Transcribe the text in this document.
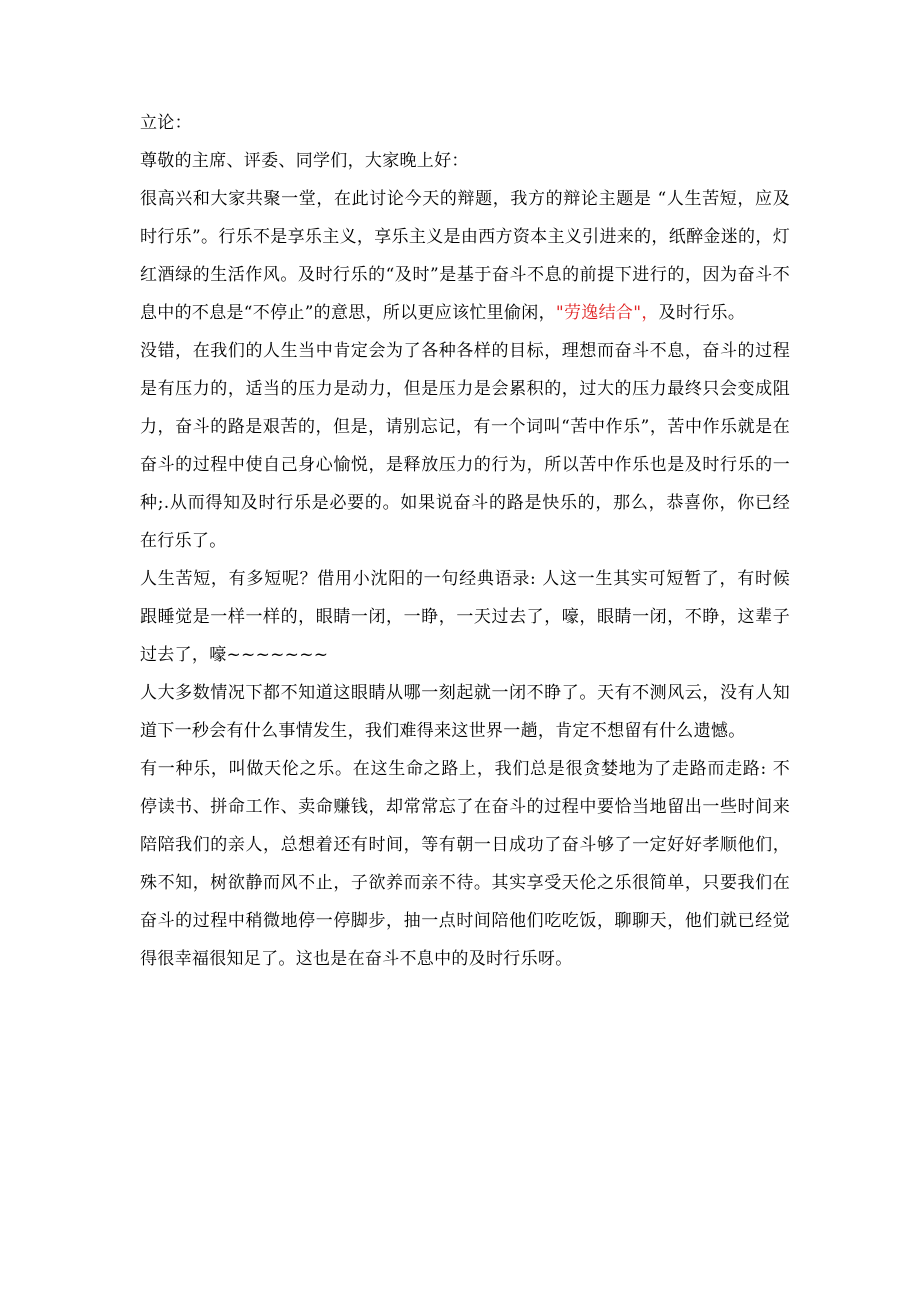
立论：

尊敬的主席、评委、同学们，大家晚上好：

很高兴和大家共聚一堂，在此讨论今天的辩题，我方的辩论主题是 “人生苦短，应及时行乐”。行乐不是享乐主义，享乐主义是由西方资本主义引进来的，纸醉金迷的，灯红酒绿的生活作风。及时行乐的“及时”是基于奋斗不息的前提下进行的，因为奋斗不息中的不息是“不停止”的意思，所以更应该忙里偷闲，"劳逸结合"，及时行乐。

没错，在我们的人生当中肯定会为了各种各样的目标，理想而奋斗不息，奋斗的过程是有压力的，适当的压力是动力，但是压力是会累积的，过大的压力最终只会变成阻力，奋斗的路是艰苦的，但是，请别忘记，有一个词叫“苦中作乐”，苦中作乐就是在奋斗的过程中使自己身心愉悦，是释放压力的行为，所以苦中作乐也是及时行乐的一种;.从而得知及时行乐是必要的。如果说奋斗的路是快乐的，那么，恭喜你，你已经在行乐了。

人生苦短，有多短呢？借用小沈阳的一句经典语录: 人这一生其实可短暂了，有时候跟睡觉是一样一样的，眼睛一闭，一睁，一天过去了，嚎，眼睛一闭，不睁，这辈子过去了，嚎~~~~~~~

人大多数情况下都不知道这眼睛从哪一刻起就一闭不睁了。天有不测风云，没有人知道下一秒会有什么事情发生，我们难得来这世界一趟，肯定不想留有什么遗憾。

有一种乐，叫做天伦之乐。在这生命之路上，我们总是很贪婪地为了走路而走路: 不停读书、拼命工作、卖命赚钱，却常常忘了在奋斗的过程中要恰当地留出一些时间来陪陪我们的亲人，总想着还有时间，等有朝一日成功了奋斗够了一定好好孝顺他们，殊不知，树欲静而风不止，子欲养而亲不待。其实享受天伦之乐很简单，只要我们在奋斗的过程中稍微地停一停脚步，抽一点时间陪他们吃吃饭，聊聊天，他们就已经觉得很幸福很知足了。这也是在奋斗不息中的及时行乐呀。
